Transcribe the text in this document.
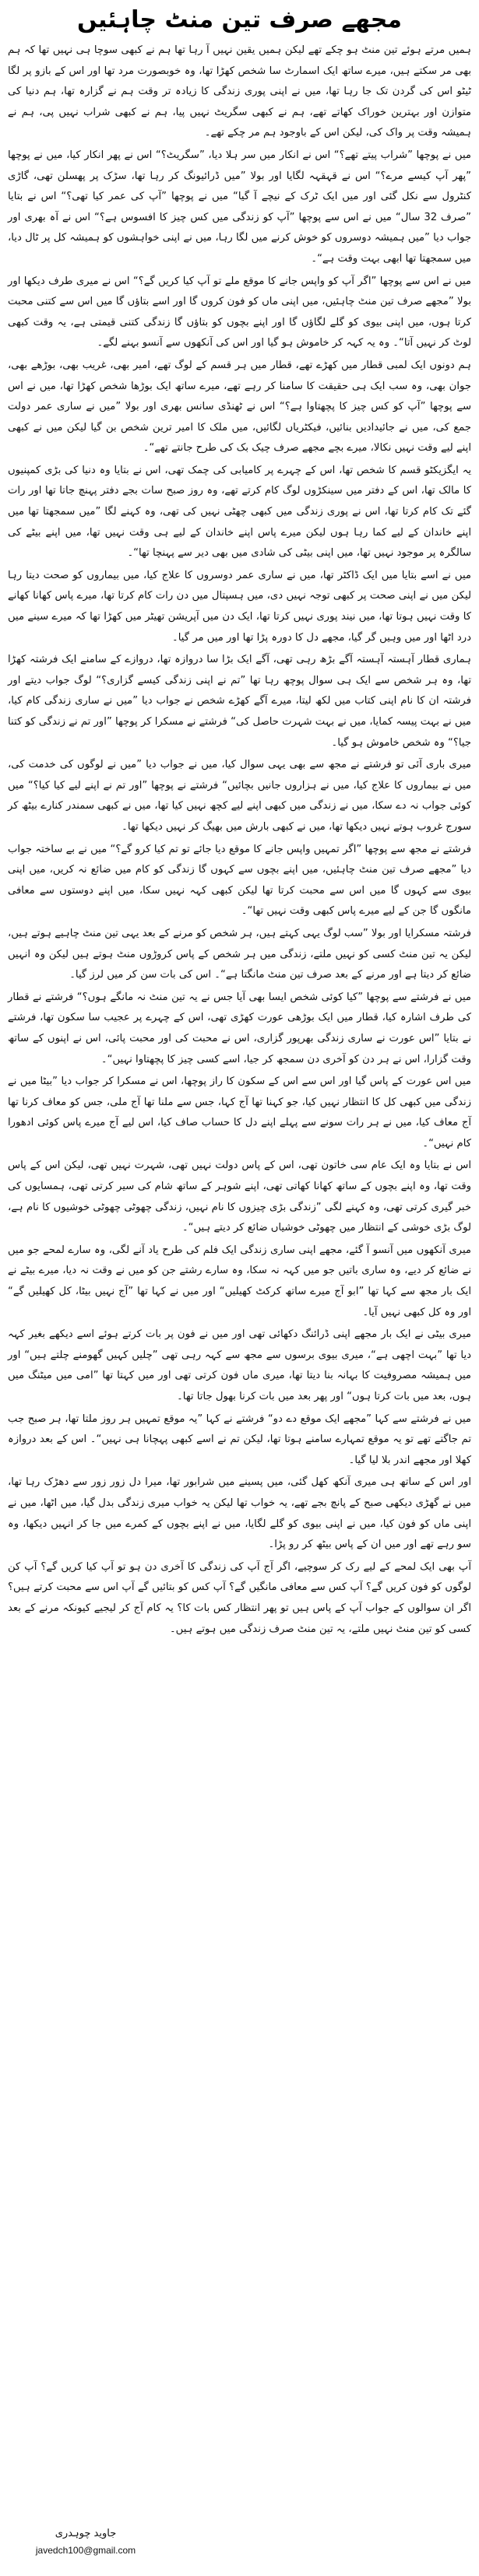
مجھے صرف تین منٹ چاہئیں

ہمیں مرتے ہوئے تین منٹ ہو چکے تھے لیکن ہمیں یقین نہیں آ رہا تھا ہم نے کبھی سوچا ہی نہیں تھا کہ ہم بھی مر سکتے ہیں، میرے ساتھ ایک اسمارٹ سا شخص کھڑا تھا، وہ خوبصورت مرد تھا اور اس کے بازو پر لگا ٹیٹو اس کی گردن تک جا رہا تھا، میں نے اپنی پوری زندگی کا زیادہ تر وقت ہم نے گزارہ تھا، ہم دنیا کی متوازن اور بہترین خوراک کھاتے تھے، ہم نے کبھی سگریٹ نہیں پیا، ہم نے کبھی شراب نہیں پی، ہم نے ہمیشہ وقت پر واک کی، لیکن اس کے باوجود ہم مر چکے تھے۔

میں نے پوچھا ”شراب پیتے تھے؟“ اس نے انکار میں سر ہلا دیا، ”سگریٹ؟“ اس نے پھر انکار کیا، میں نے پوچھا ”پھر آپ کیسے مرے؟“ اس نے قہقہہ لگایا اور بولا ”میں ڈرائیونگ کر رہا تھا، سڑک پر پھسلن تھی، گاڑی کنٹرول سے نکل گئی اور میں ایک ٹرک کے نیچے آ گیا“ میں نے پوچھا ”آپ کی عمر کیا تھی؟“ اس نے بتایا ”صرف 32 سال“ میں نے اس سے پوچھا ”آپ کو زندگی میں کس چیز کا افسوس ہے؟“ اس نے آہ بھری اور جواب دیا ”میں ہمیشہ دوسروں کو خوش کرنے میں لگا رہا، میں نے اپنی خواہشوں کو ہمیشہ کل پر ٹال دیا، میں سمجھتا تھا ابھی بہت وقت ہے“۔

میں نے اس سے پوچھا ”اگر آپ کو واپس جانے کا موقع ملے تو آپ کیا کریں گے؟“ اس نے میری طرف دیکھا اور بولا ”مجھے صرف تین منٹ چاہئیں، میں اپنی ماں کو فون کروں گا اور اسے بتاؤں گا میں اس سے کتنی محبت کرتا ہوں، میں اپنی بیوی کو گلے لگاؤں گا اور اپنے بچوں کو بتاؤں گا زندگی کتنی قیمتی ہے، یہ وقت کبھی لوٹ کر نہیں آتا“۔ وہ یہ کہہ کر خاموش ہو گیا اور اس کی آنکھوں سے آنسو بہنے لگے۔

ہم دونوں ایک لمبی قطار میں کھڑے تھے، قطار میں ہر قسم کے لوگ تھے، امیر بھی، غریب بھی، بوڑھے بھی، جوان بھی، وہ سب ایک ہی حقیقت کا سامنا کر رہے تھے، میرے ساتھ ایک بوڑھا شخص کھڑا تھا، میں نے اس سے پوچھا ”آپ کو کس چیز کا پچھتاوا ہے؟“ اس نے ٹھنڈی سانس بھری اور بولا ”میں نے ساری عمر دولت جمع کی، میں نے جائیدادیں بنائیں، فیکٹریاں لگائیں، میں ملک کا امیر ترین شخص بن گیا لیکن میں نے کبھی اپنے لیے وقت نہیں نکالا، میرے بچے مجھے صرف چیک بک کی طرح جانتے تھے“۔

یہ ایگزیکٹو قسم کا شخص تھا، اس کے چہرے پر کامیابی کی چمک تھی، اس نے بتایا وہ دنیا کی بڑی کمپنیوں کا مالک تھا، اس کے دفتر میں سینکڑوں لوگ کام کرتے تھے، وہ روز صبح سات بجے دفتر پہنچ جاتا تھا اور رات گئے تک کام کرتا تھا، اس نے پوری زندگی میں کبھی چھٹی نہیں کی تھی، وہ کہنے لگا ”میں سمجھتا تھا میں اپنے خاندان کے لیے کما رہا ہوں لیکن میرے پاس اپنے خاندان کے لیے ہی وقت نہیں تھا، میں اپنے بیٹے کی سالگرہ پر موجود نہیں تھا، میں اپنی بیٹی کی شادی میں بھی دیر سے پہنچا تھا“۔

میں نے اسے بتایا میں ایک ڈاکٹر تھا، میں نے ساری عمر دوسروں کا علاج کیا، میں بیماروں کو صحت دیتا رہا لیکن میں نے اپنی صحت پر کبھی توجہ نہیں دی، میں ہسپتال میں دن رات کام کرتا تھا، میرے پاس کھانا کھانے کا وقت نہیں ہوتا تھا، میں نیند پوری نہیں کرتا تھا، ایک دن میں آپریشن تھیٹر میں کھڑا تھا کہ میرے سینے میں درد اٹھا اور میں وہیں گر گیا، مجھے دل کا دورہ پڑا تھا اور میں مر گیا۔

ہماری قطار آہستہ آہستہ آگے بڑھ رہی تھی، آگے ایک بڑا سا دروازہ تھا، دروازے کے سامنے ایک فرشتہ کھڑا تھا، وہ ہر شخص سے ایک ہی سوال پوچھ رہا تھا ”تم نے اپنی زندگی کیسے گزاری؟“ لوگ جواب دیتے اور فرشتہ ان کا نام اپنی کتاب میں لکھ لیتا، میرے آگے کھڑے شخص نے جواب دیا ”میں نے ساری زندگی کام کیا، میں نے بہت پیسہ کمایا، میں نے بہت شہرت حاصل کی“ فرشتے نے مسکرا کر پوچھا ”اور تم نے زندگی کو کتنا جیا؟“ وہ شخص خاموش ہو گیا۔

میری باری آئی تو فرشتے نے مجھ سے بھی یہی سوال کیا، میں نے جواب دیا ”میں نے لوگوں کی خدمت کی، میں نے بیماروں کا علاج کیا، میں نے ہزاروں جانیں بچائیں“ فرشتے نے پوچھا ”اور تم نے اپنے لیے کیا کیا؟“ میں کوئی جواب نہ دے سکا، میں نے زندگی میں کبھی اپنے لیے کچھ نہیں کیا تھا، میں نے کبھی سمندر کنارے بیٹھ کر سورج غروب ہوتے نہیں دیکھا تھا، میں نے کبھی بارش میں بھیگ کر نہیں دیکھا تھا۔

فرشتے نے مجھ سے پوچھا ”اگر تمہیں واپس جانے کا موقع دیا جائے تو تم کیا کرو گے؟“ میں نے بے ساختہ جواب دیا ”مجھے صرف تین منٹ چاہئیں، میں اپنے بچوں سے کہوں گا زندگی کو کام میں ضائع نہ کریں، میں اپنی بیوی سے کہوں گا میں اس سے محبت کرتا تھا لیکن کبھی کہہ نہیں سکا، میں اپنے دوستوں سے معافی مانگوں گا جن کے لیے میرے پاس کبھی وقت نہیں تھا“۔

فرشتہ مسکرایا اور بولا ”سب لوگ یہی کہتے ہیں، ہر شخص کو مرنے کے بعد یہی تین منٹ چاہیے ہوتے ہیں، لیکن یہ تین منٹ کسی کو نہیں ملتے، زندگی میں ہر شخص کے پاس کروڑوں منٹ ہوتے ہیں لیکن وہ انہیں ضائع کر دیتا ہے اور مرنے کے بعد صرف تین منٹ مانگتا ہے“۔ اس کی بات سن کر میں لرز گیا۔

میں نے فرشتے سے پوچھا ”کیا کوئی شخص ایسا بھی آیا جس نے یہ تین منٹ نہ مانگے ہوں؟“ فرشتے نے قطار کی طرف اشارہ کیا، قطار میں ایک بوڑھی عورت کھڑی تھی، اس کے چہرے پر عجیب سا سکون تھا، فرشتے نے بتایا ”اس عورت نے ساری زندگی بھرپور گزاری، اس نے محبت کی اور محبت پائی، اس نے اپنوں کے ساتھ وقت گزارا، اس نے ہر دن کو آخری دن سمجھ کر جیا، اسے کسی چیز کا پچھتاوا نہیں“۔

میں اس عورت کے پاس گیا اور اس سے اس کے سکون کا راز پوچھا، اس نے مسکرا کر جواب دیا ”بیٹا میں نے زندگی میں کبھی کل کا انتظار نہیں کیا، جو کہنا تھا آج کہا، جس سے ملنا تھا آج ملی، جس کو معاف کرنا تھا آج معاف کیا، میں نے ہر رات سونے سے پہلے اپنے دل کا حساب صاف کیا، اس لیے آج میرے پاس کوئی ادھورا کام نہیں“۔

اس نے بتایا وہ ایک عام سی خاتون تھی، اس کے پاس دولت نہیں تھی، شہرت نہیں تھی، لیکن اس کے پاس وقت تھا، وہ اپنے بچوں کے ساتھ کھانا کھاتی تھی، اپنے شوہر کے ساتھ شام کی سیر کرتی تھی، ہمسایوں کی خبر گیری کرتی تھی، وہ کہنے لگی ”زندگی بڑی چیزوں کا نام نہیں، زندگی چھوٹی چھوٹی خوشیوں کا نام ہے، لوگ بڑی خوشی کے انتظار میں چھوٹی خوشیاں ضائع کر دیتے ہیں“۔

میری آنکھوں میں آنسو آ گئے، مجھے اپنی ساری زندگی ایک فلم کی طرح یاد آنے لگی، وہ سارے لمحے جو میں نے ضائع کر دیے، وہ ساری باتیں جو میں کہہ نہ سکا، وہ سارے رشتے جن کو میں نے وقت نہ دیا، میرے بیٹے نے ایک بار مجھ سے کہا تھا ”ابو آج میرے ساتھ کرکٹ کھیلیں“ اور میں نے کہا تھا ”آج نہیں بیٹا، کل کھیلیں گے“ اور وہ کل کبھی نہیں آیا۔

میری بیٹی نے ایک بار مجھے اپنی ڈرائنگ دکھائی تھی اور میں نے فون پر بات کرتے ہوئے اسے دیکھے بغیر کہہ دیا تھا ”بہت اچھی ہے“، میری بیوی برسوں سے مجھ سے کہہ رہی تھی ”چلیں کہیں گھومنے چلتے ہیں“ اور میں ہمیشہ مصروفیت کا بہانہ بنا دیتا تھا، میری ماں فون کرتی تھی اور میں کہتا تھا ”امی میں میٹنگ میں ہوں، بعد میں بات کرتا ہوں“ اور پھر بعد میں بات کرنا بھول جاتا تھا۔

میں نے فرشتے سے کہا ”مجھے ایک موقع دے دو“ فرشتے نے کہا ”یہ موقع تمہیں ہر روز ملتا تھا، ہر صبح جب تم جاگتے تھے تو یہ موقع تمہارے سامنے ہوتا تھا، لیکن تم نے اسے کبھی پہچانا ہی نہیں“۔ اس کے بعد دروازہ کھلا اور مجھے اندر بلا لیا گیا۔

اور اس کے ساتھ ہی میری آنکھ کھل گئی، میں پسینے میں شرابور تھا، میرا دل زور زور سے دھڑک رہا تھا، میں نے گھڑی دیکھی صبح کے پانچ بجے تھے، یہ خواب تھا لیکن یہ خواب میری زندگی بدل گیا، میں اٹھا، میں نے اپنی ماں کو فون کیا، میں نے اپنی بیوی کو گلے لگایا، میں نے اپنے بچوں کے کمرے میں جا کر انہیں دیکھا، وہ سو رہے تھے اور میں ان کے پاس بیٹھ کر رو پڑا۔

آپ بھی ایک لمحے کے لیے رک کر سوچیے، اگر آج آپ کی زندگی کا آخری دن ہو تو آپ کیا کریں گے؟ آپ کن لوگوں کو فون کریں گے؟ آپ کس سے معافی مانگیں گے؟ آپ کس کو بتائیں گے آپ اس سے محبت کرتے ہیں؟ اگر ان سوالوں کے جواب آپ کے پاس ہیں تو پھر انتظار کس بات کا؟ یہ کام آج کر لیجیے کیونکہ مرنے کے بعد کسی کو تین منٹ نہیں ملتے، یہ تین منٹ صرف زندگی میں ہوتے ہیں۔

جاوید چوہدری
javedch100@gmail.com
